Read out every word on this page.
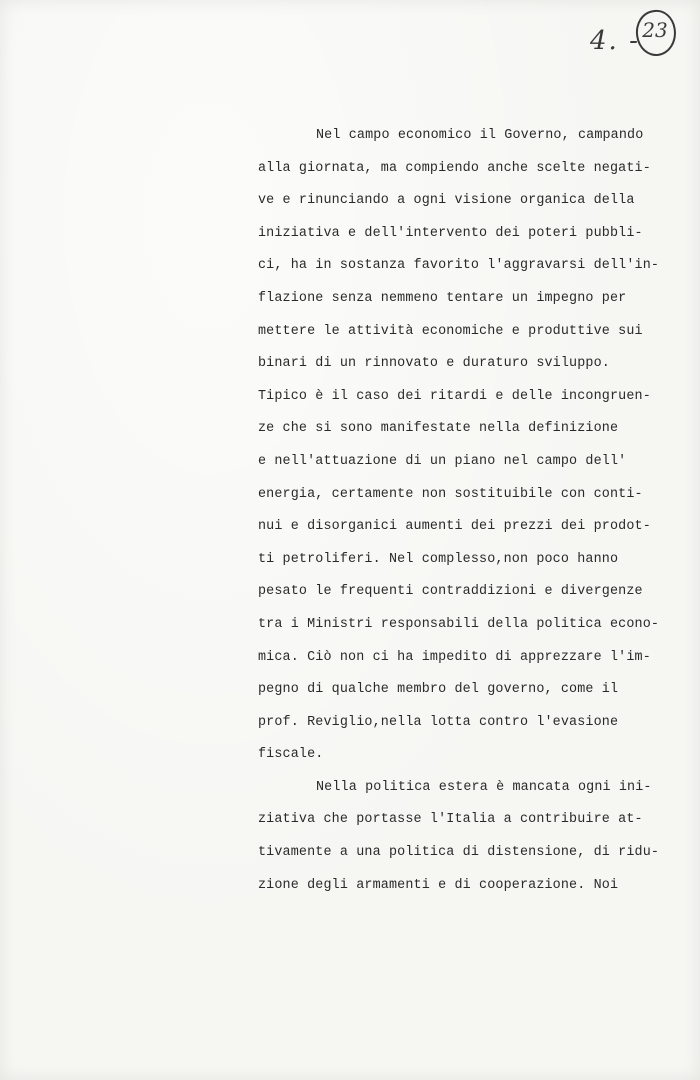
4. - 23
Nel campo economico il Governo, campando
alla giornata, ma compiendo anche scelte negati-
ve e rinunciando a ogni visione organica della
iniziativa e dell'intervento dei poteri pubbli-
ci, ha in sostanza favorito l'aggravarsi dell'in-
flazione senza nemmeno tentare un impegno per
mettere le attività economiche e produttive sui
binari di un rinnovato e duraturo sviluppo.
Tipico è il caso dei ritardi e delle incongruen-
ze che si sono manifestate nella definizione
e nell'attuazione di un piano nel campo dell'
energia, certamente non sostituibile con conti-
nui e disorganici aumenti dei prezzi dei prodot-
ti petroliferi. Nel complesso,non poco hanno
pesato le frequenti contraddizioni e divergenze
tra i Ministri responsabili della politica econo-
mica. Ciò non ci ha impedito di apprezzare l'im-
pegno di qualche membro del governo, come il
prof. Reviglio,nella lotta contro l'evasione
fiscale.
Nella politica estera è mancata ogni ini-
ziativa che portasse l'Italia a contribuire at-
tivamente a una politica di distensione, di ridu-
zione degli armamenti e di cooperazione. Noi
